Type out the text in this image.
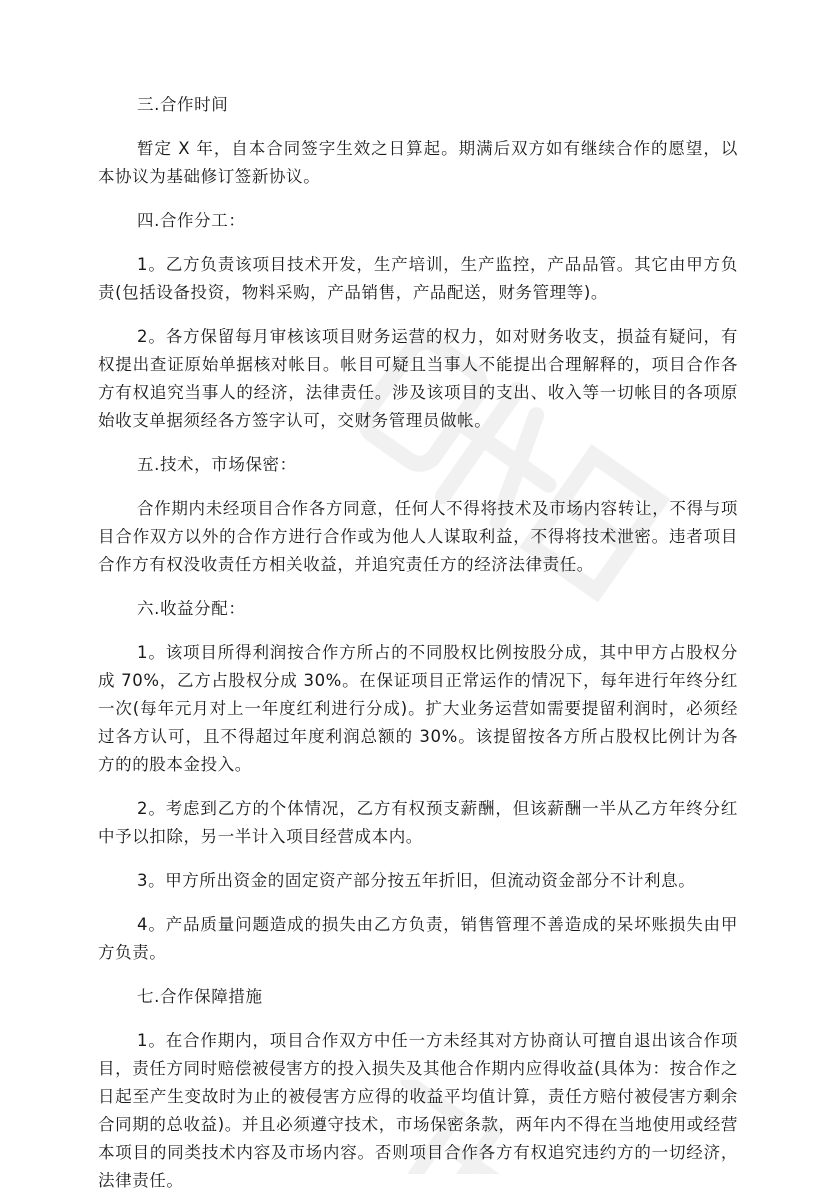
三.合作时间

暂定 X 年，自本合同签字生效之日算起。期满后双方如有继续合作的愿望，以本协议为基础修订签新协议。

四.合作分工：

1。乙方负责该项目技术开发，生产培训，生产监控，产品品管。其它由甲方负责(包括设备投资，物料采购，产品销售，产品配送，财务管理等)。

2。各方保留每月审核该项目财务运营的权力，如对财务收支，损益有疑问，有权提出查证原始单据核对帐目。帐目可疑且当事人不能提出合理解释的，项目合作各方有权追究当事人的经济，法律责任。涉及该项目的支出、收入等一切帐目的各项原始收支单据须经各方签字认可，交财务管理员做帐。

五.技术，市场保密：

合作期内未经项目合作各方同意，任何人不得将技术及市场内容转让，不得与项目合作双方以外的合作方进行合作或为他人人谋取利益，不得将技术泄密。违者项目合作方有权没收责任方相关收益，并追究责任方的经济法律责任。

六.收益分配：

1。该项目所得利润按合作方所占的不同股权比例按股分成，其中甲方占股权分成 70%，乙方占股权分成 30%。在保证项目正常运作的情况下，每年进行年终分红一次(每年元月对上一年度红利进行分成)。扩大业务运营如需要提留利润时，必须经过各方认可，且不得超过年度利润总额的 30%。该提留按各方所占股权比例计为各方的的股本金投入。

2。考虑到乙方的个体情况，乙方有权预支薪酬，但该薪酬一半从乙方年终分红中予以扣除，另一半计入项目经营成本内。

3。甲方所出资金的固定资产部分按五年折旧，但流动资金部分不计利息。

4。产品质量问题造成的损失由乙方负责，销售管理不善造成的呆坏账损失由甲方负责。

七.合作保障措施

1。在合作期内，项目合作双方中任一方未经其对方协商认可擅自退出该合作项目，责任方同时赔偿被侵害方的投入损失及其他合作期内应得收益(具体为：按合作之日起至产生变故时为止的被侵害方应得的收益平均值计算，责任方赔付被侵害方剩余合同期的总收益)。并且必须遵守技术，市场保密条款，两年内不得在当地使用或经营本项目的同类技术内容及市场内容。否则项目合作各方有权追究违约方的一切经济，法律责任。
